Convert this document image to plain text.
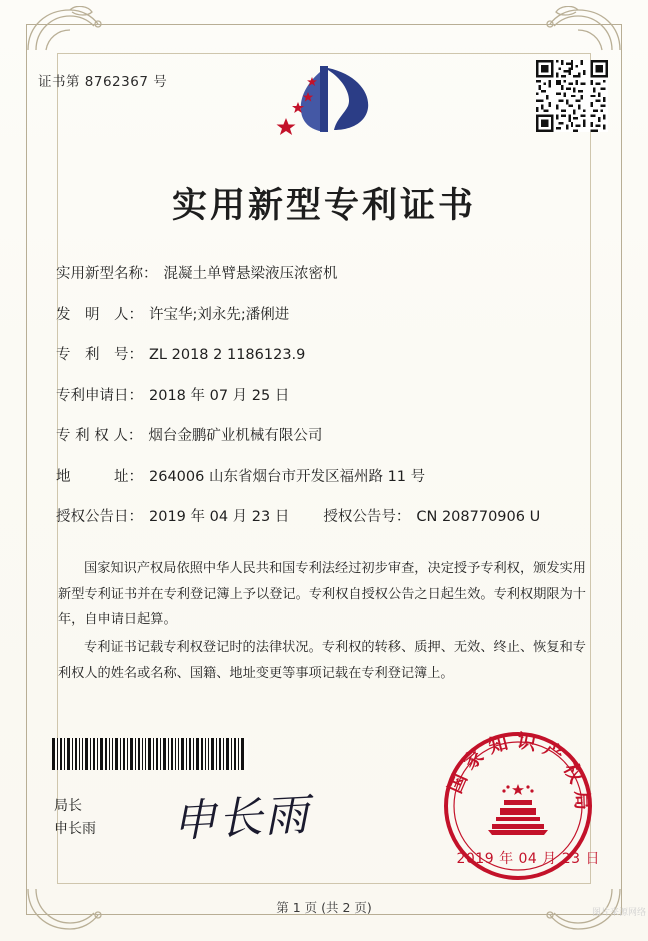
证书第 8762367 号
实用新型专利证书
实用新型名称： 混凝土单臂悬梁液压浓密机
发　明　人： 许宝华;刘永先;潘俐进
专　利　号： ZL 2018 2 1186123.9
专利申请日： 2018 年 07 月 25 日
专 利 权 人： 烟台金鹏矿业机械有限公司
地　　　址： 264006 山东省烟台市开发区福州路 11 号
授权公告日： 2019 年 04 月 23 日	授权公告号： CN 208770906 U

国家知识产权局依照中华人民共和国专利法经过初步审查，决定授予专利权，颁发实用新型专利证书并在专利登记簿上予以登记。专利权自授权公告之日起生效。专利权期限为十年，自申请日起算。

专利证书记载专利权登记时的法律状况。专利权的转移、质押、无效、终止、恢复和专利权人的姓名或名称、国籍、地址变更等事项记载在专利登记簿上。

局长
申长雨 申长雨
国家知识产权局
2019 年 04 月 23 日
第 1 页 (共 2 页)	图片来源网络
